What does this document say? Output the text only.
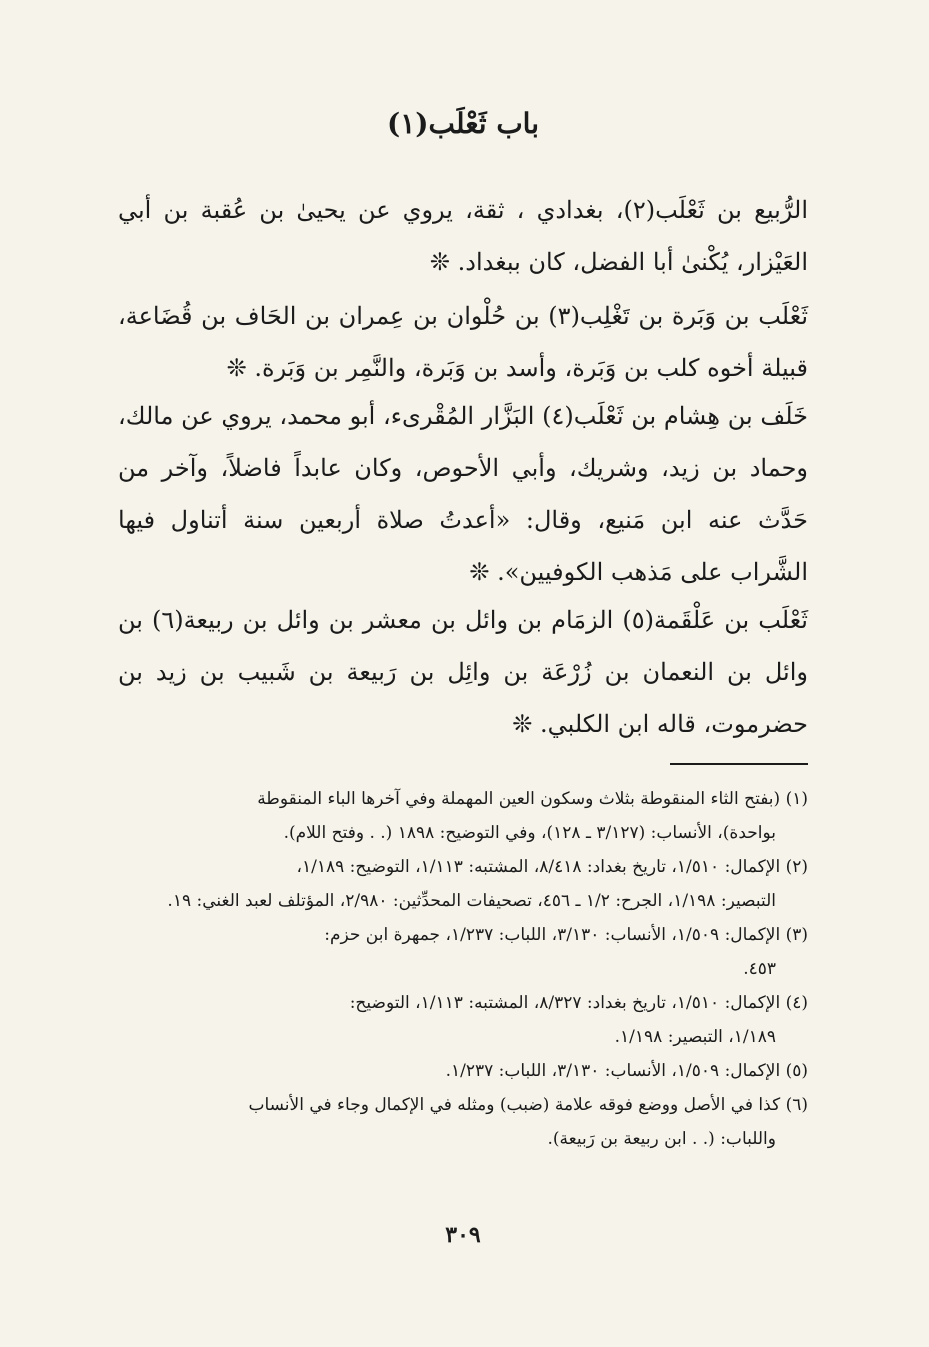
باب ثَعْلَب(١)

الرُّبيع بن ثَعْلَب(٢)، بغدادي ، ثقة، يروي عن يحيىٰ بن عُقبة بن أبي العَيْزار، يُكْنىٰ أبا الفضل، كان ببغداد. ❊

ثَعْلَب بن وَبَرة بن تَغْلِب(٣) بن حُلْوان بن عِمران بن الحَاف بن قُضَاعة، قبيلة أخوه كلب بن وَبَرة، وأسد بن وَبَرة، والنَّمِر بن وَبَرة. ❊

خَلَف بن هِشام بن ثَعْلَب(٤) البَزَّار المُقْرىء، أبو محمد، يروي عن مالك، وحماد بن زيد، وشريك، وأبي الأحوص، وكان عابداً فاضلاً، وآخر من حَدَّث عنه ابن مَنيع، وقال: «أعدتُ صلاة أربعين سنة أتناول فيها الشَّراب على مَذهب الكوفيين». ❊

ثَعْلَب بن عَلْقَمة(٥) الزمَام بن وائل بن معشر بن وائل بن ربيعة(٦) بن وائل بن النعمان بن زُرْعَة بن وائِل بن رَبيعة بن شَبيب بن زيد بن حضرموت، قاله ابن الكلبي. ❊

(١) (بفتح الثاء المنقوطة بثلاث وسكون العين المهملة وفي آخرها الباء المنقوطة
بواحدة)، الأنساب: (٣/١٢٧ ـ ١٢٨)، وفي التوضيح: ١٨٩٨ (. . وفتح اللام).

(٢) الإكمال: ١/٥١٠، تاريخ بغداد: ٨/٤١٨، المشتبه: ١/١١٣، التوضيح: ١/١٨٩،
التبصير: ١/١٩٨، الجرح: ١/٢ ـ ٤٥٦، تصحيفات المحدِّثين: ٢/٩٨٠، المؤتلف لعبد الغني: ١٩.

(٣) الإكمال: ١/٥٠٩، الأنساب: ٣/١٣٠، اللباب: ١/٢٣٧، جمهرة ابن حزم:
٤٥٣.

(٤) الإكمال: ١/٥١٠، تاريخ بغداد: ٨/٣٢٧، المشتبه: ١/١١٣، التوضيح:
١/١٨٩، التبصير: ١/١٩٨.

(٥) الإكمال: ١/٥٠٩، الأنساب: ٣/١٣٠، اللباب: ١/٢٣٧.

(٦) كذا في الأصل ووضع فوقه علامة (ضبب) ومثله في الإكمال وجاء في الأنساب
واللباب: (. . ابن ربيعة بن رَبيعة).

٣٠٩
